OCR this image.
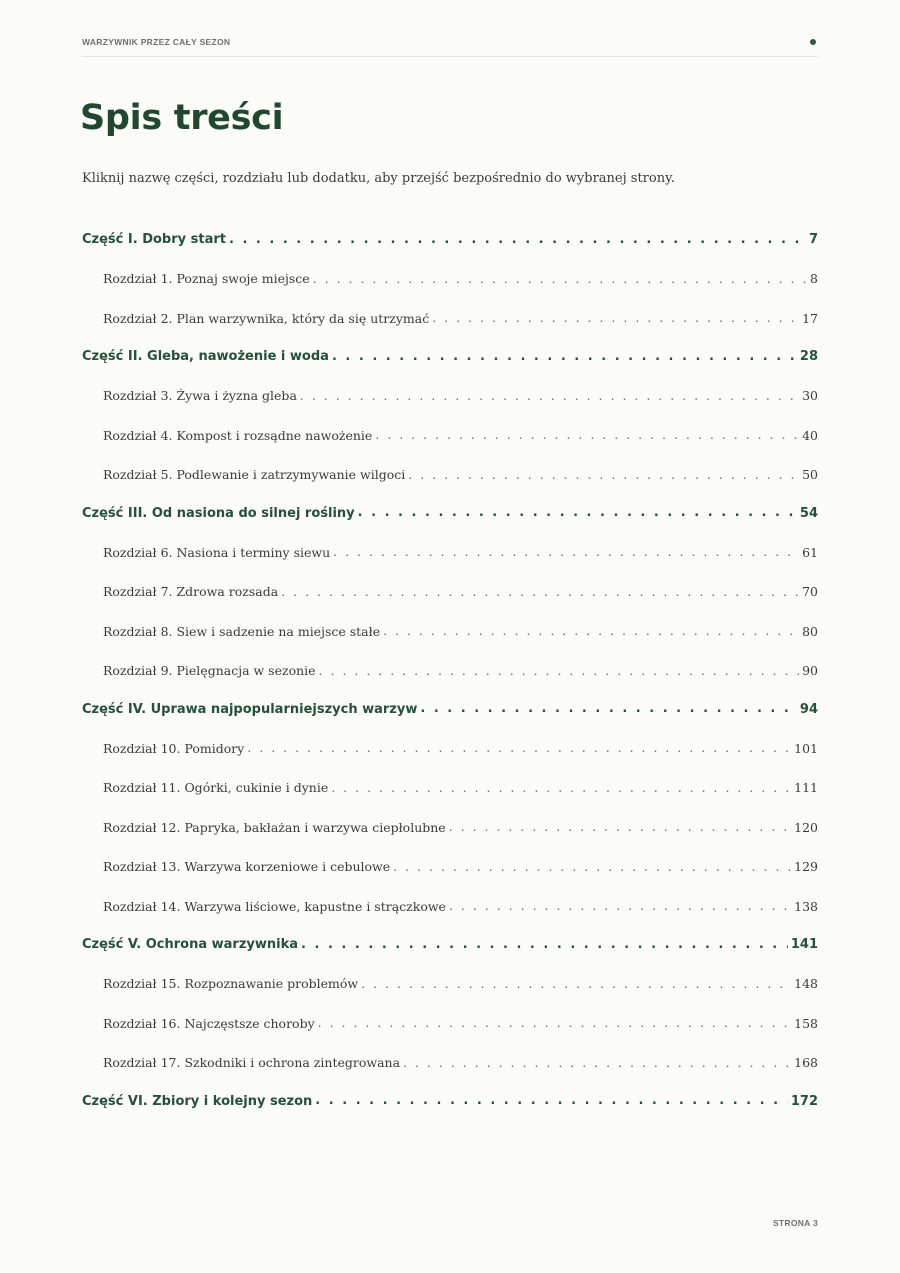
WARZYWNIK PRZEZ CAŁY SEZON
Spis treści

Kliknij nazwę części, rozdziału lub dodatku, aby przejść bezpośrednio do wybranej strony.

Część I. Dobry start . . .	7
Rozdział 1. Poznaj swoje miejsce . . .	8
Rozdział 2. Plan warzywnika, który da się utrzymać . . .	17
Część II. Gleba, nawożenie i woda . . .	28
Rozdział 3. Żywa i żyzna gleba . . .	30
Rozdział 4. Kompost i rozsądne nawożenie . . .	40
Rozdział 5. Podlewanie i zatrzymywanie wilgoci . . .	50
Część III. Od nasiona do silnej rośliny . . .	54
Rozdział 6. Nasiona i terminy siewu . . .	61
Rozdział 7. Zdrowa rozsada . . .	70
Rozdział 8. Siew i sadzenie na miejsce stałe . . .	80
Rozdział 9. Pielęgnacja w sezonie . . .	90
Część IV. Uprawa najpopularniejszych warzyw . . .	94
Rozdział 10. Pomidory . . .	101
Rozdział 11. Ogórki, cukinie i dynie . . .	111
Rozdział 12. Papryka, bakłażan i warzywa ciepłolubne . . .	120
Rozdział 13. Warzywa korzeniowe i cebulowe . . .	129
Rozdział 14. Warzywa liściowe, kapustne i strączkowe . . .	138
Część V. Ochrona warzywnika . . .	141
Rozdział 15. Rozpoznawanie problemów . . .	148
Rozdział 16. Najczęstsze choroby . . .	158
Rozdział 17. Szkodniki i ochrona zintegrowana . . .	168
Część VI. Zbiory i kolejny sezon . . .	172
STRONA 3
